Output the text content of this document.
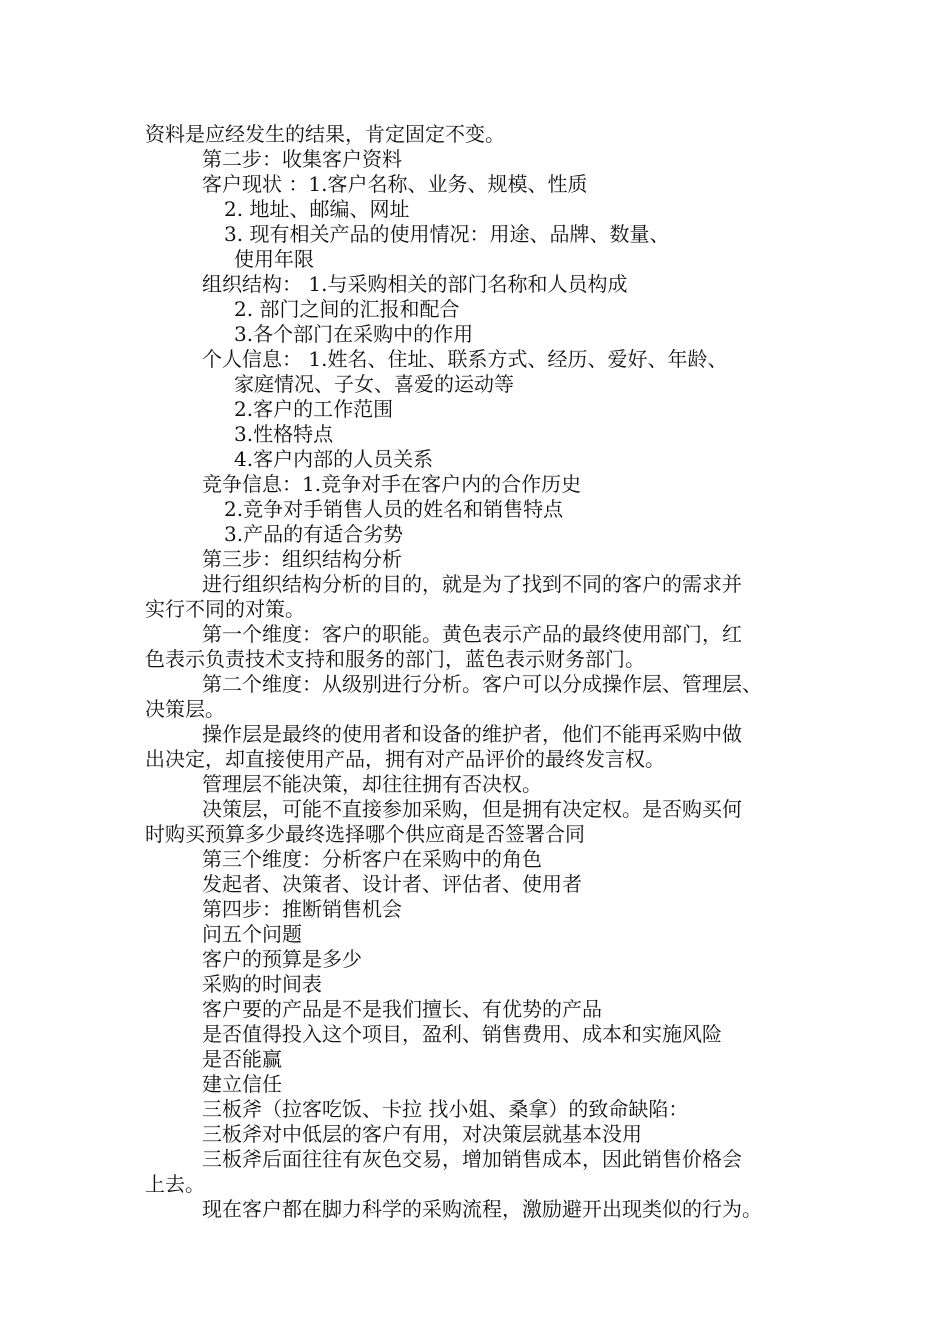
资料是应经发生的结果，肯定固定不变。
第二步：收集客户资料
客户现状 ：1.客户名称、业务、规模、性质
2. 地址、邮编、网址
3. 现有相关产品的使用情况：用途、品牌、数量、
使用年限
组织结构： 1.与采购相关的部门名称和人员构成
2. 部门之间的汇报和配合
3.各个部门在采购中的作用
个人信息： 1.姓名、住址、联系方式、经历、爱好、年龄、
家庭情况、子女、喜爱的运动等
2.客户的工作范围
3.性格特点
4.客户内部的人员关系
竞争信息：1.竞争对手在客户内的合作历史
2.竞争对手销售人员的姓名和销售特点
3.产品的有适合劣势
第三步：组织结构分析
进行组织结构分析的目的，就是为了找到不同的客户的需求并
实行不同的对策。
第一个维度：客户的职能。黄色表示产品的最终使用部门，红
色表示负责技术支持和服务的部门，蓝色表示财务部门。
第二个维度：从级别进行分析。客户可以分成操作层、管理层、
决策层。
操作层是最终的使用者和设备的维护者，他们不能再采购中做
出决定，却直接使用产品，拥有对产品评价的最终发言权。
管理层不能决策，却往往拥有否决权。
决策层，可能不直接参加采购，但是拥有决定权。是否购买何
时购买预算多少最终选择哪个供应商是否签署合同
第三个维度：分析客户在采购中的角色
发起者、决策者、设计者、评估者、使用者
第四步：推断销售机会
问五个问题
客户的预算是多少
采购的时间表
客户要的产品是不是我们擅长、有优势的产品
是否值得投入这个项目，盈利、销售费用、成本和实施风险
是否能赢
建立信任
三板斧（拉客吃饭、卡拉 找小姐、桑拿）的致命缺陷：
三板斧对中低层的客户有用，对决策层就基本没用
三板斧后面往往有灰色交易，增加销售成本，因此销售价格会
上去。
现在客户都在脚力科学的采购流程，激励避开出现类似的行为。
